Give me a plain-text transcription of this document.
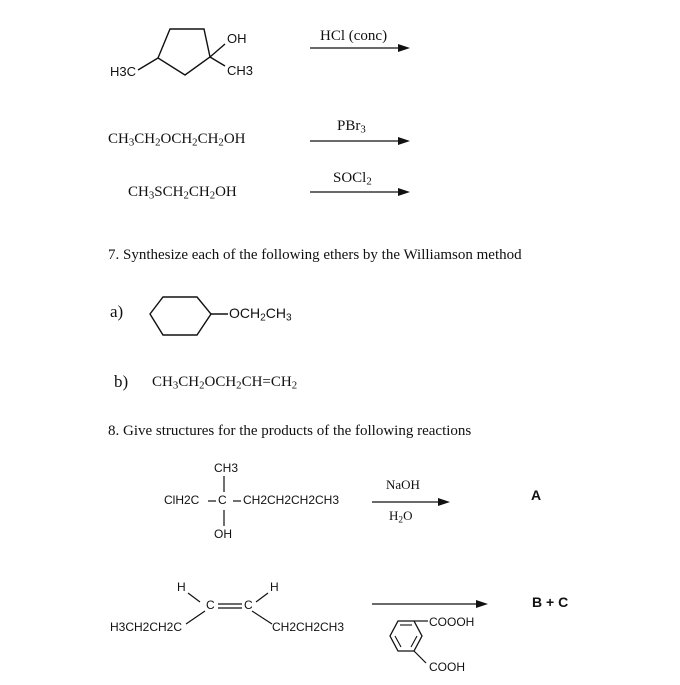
H3C
OH
CH3
HCl (conc)
$CH_3CH_2OCH_2CH_2OH$
PBr$_3$
$CH_3SCH_2CH_2OH$
SOCl$_2$
7. Synthesize each of the following ethers by the Williamson method
a)	$OCH_2CH_3$
b) $CH_3CH_2OCH_2CH=CH_2$
8. Give structures for the products of the following reactions
CH3
ClH2C C CH2CH2CH2CH3
OH
NaOH
$H_2O$
A
H	H
C C
H3CH2CH2C	CH2CH2CH3	COOOH
COOH
B + C
